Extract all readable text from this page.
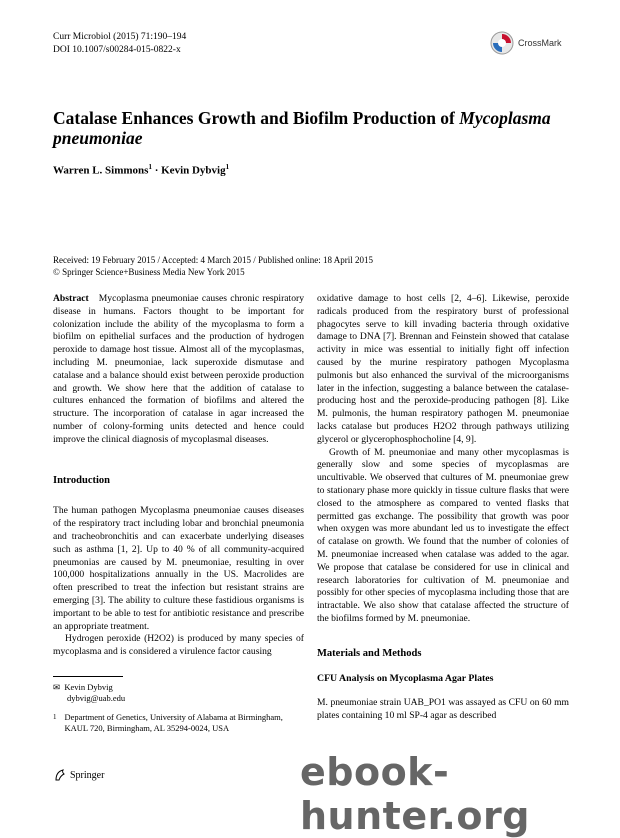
Curr Microbiol (2015) 71:190–194
DOI 10.1007/s00284-015-0822-x
CrossMark
Catalase Enhances Growth and Biofilm Production of Mycoplasma pneumoniae
Warren L. Simmons$^1$ · Kevin Dybvig$^1$
Received: 19 February 2015 / Accepted: 4 March 2015 / Published online: 18 April 2015
© Springer Science+Business Media New York 2015

Abstract Mycoplasma pneumoniae causes chronic respiratory disease in humans. Factors thought to be important for colonization include the ability of the mycoplasma to form a biofilm on epithelial surfaces and the production of hydrogen peroxide to damage host tissue. Almost all of the mycoplasmas, including M. pneumoniae, lack superoxide dismutase and catalase and a balance should exist between peroxide production and growth. We show here that the addition of catalase to cultures enhanced the formation of biofilms and altered the structure. The incorporation of catalase in agar increased the number of colony-forming units detected and hence could improve the clinical diagnosis of mycoplasmal diseases.

Introduction

The human pathogen Mycoplasma pneumoniae causes diseases of the respiratory tract including lobar and bronchial pneumonia and tracheobronchitis and can exacerbate underlying diseases such as asthma [1, 2]. Up to 40 % of all community-acquired pneumonias are caused by M. pneumoniae, resulting in over 100,000 hospitalizations annually in the US. Macrolides are often prescribed to treat the infection but resistant strains are emerging [3]. The ability to culture these fastidious organisms is important to be able to test for antibiotic resistance and prescribe an appropriate treatment.

Hydrogen peroxide (H2O2) is produced by many species of mycoplasma and is considered a virulence factor causing

oxidative damage to host cells [2, 4–6]. Likewise, peroxide radicals produced from the respiratory burst of professional phagocytes serve to kill invading bacteria through oxidative damage to DNA [7]. Brennan and Feinstein showed that catalase activity in mice was essential to initially fight off infection caused by the murine respiratory pathogen Mycoplasma pulmonis but also enhanced the survival of the microorganisms later in the infection, suggesting a balance between the catalase-producing host and the peroxide-producing pathogen [8]. Like M. pulmonis, the human respiratory pathogen M. pneumoniae lacks catalase but produces H2O2 through pathways utilizing glycerol or glycerophosphocholine [4, 9].

Growth of M. pneumoniae and many other mycoplasmas is generally slow and some species of mycoplasmas are uncultivable. We observed that cultures of M. pneumoniae grew to stationary phase more quickly in tissue culture flasks that were closed to the atmosphere as compared to vented flasks that permitted gas exchange. The possibility that growth was poor when oxygen was more abundant led us to investigate the effect of catalase on growth. We found that the number of colonies of M. pneumoniae increased when catalase was added to the agar. We propose that catalase be considered for use in clinical and research laboratories for cultivation of M. pneumoniae and possibly for other species of mycoplasma including those that are intractable. We also show that catalase affected the structure of the biofilms formed by M. pneumoniae.

Materials and Methods

CFU Analysis on Mycoplasma Agar Plates

M. pneumoniae strain UAB_PO1 was assayed as CFU on 60 mm plates containing 10 ml SP-4 agar as described

✉ Kevin Dybvig
dybvig@uab.edu
1 Department of Genetics, University of Alabama at Birmingham, KAUL 720, Birmingham, AL 35294-0024, USA
Springer	ebook-hunter.org
